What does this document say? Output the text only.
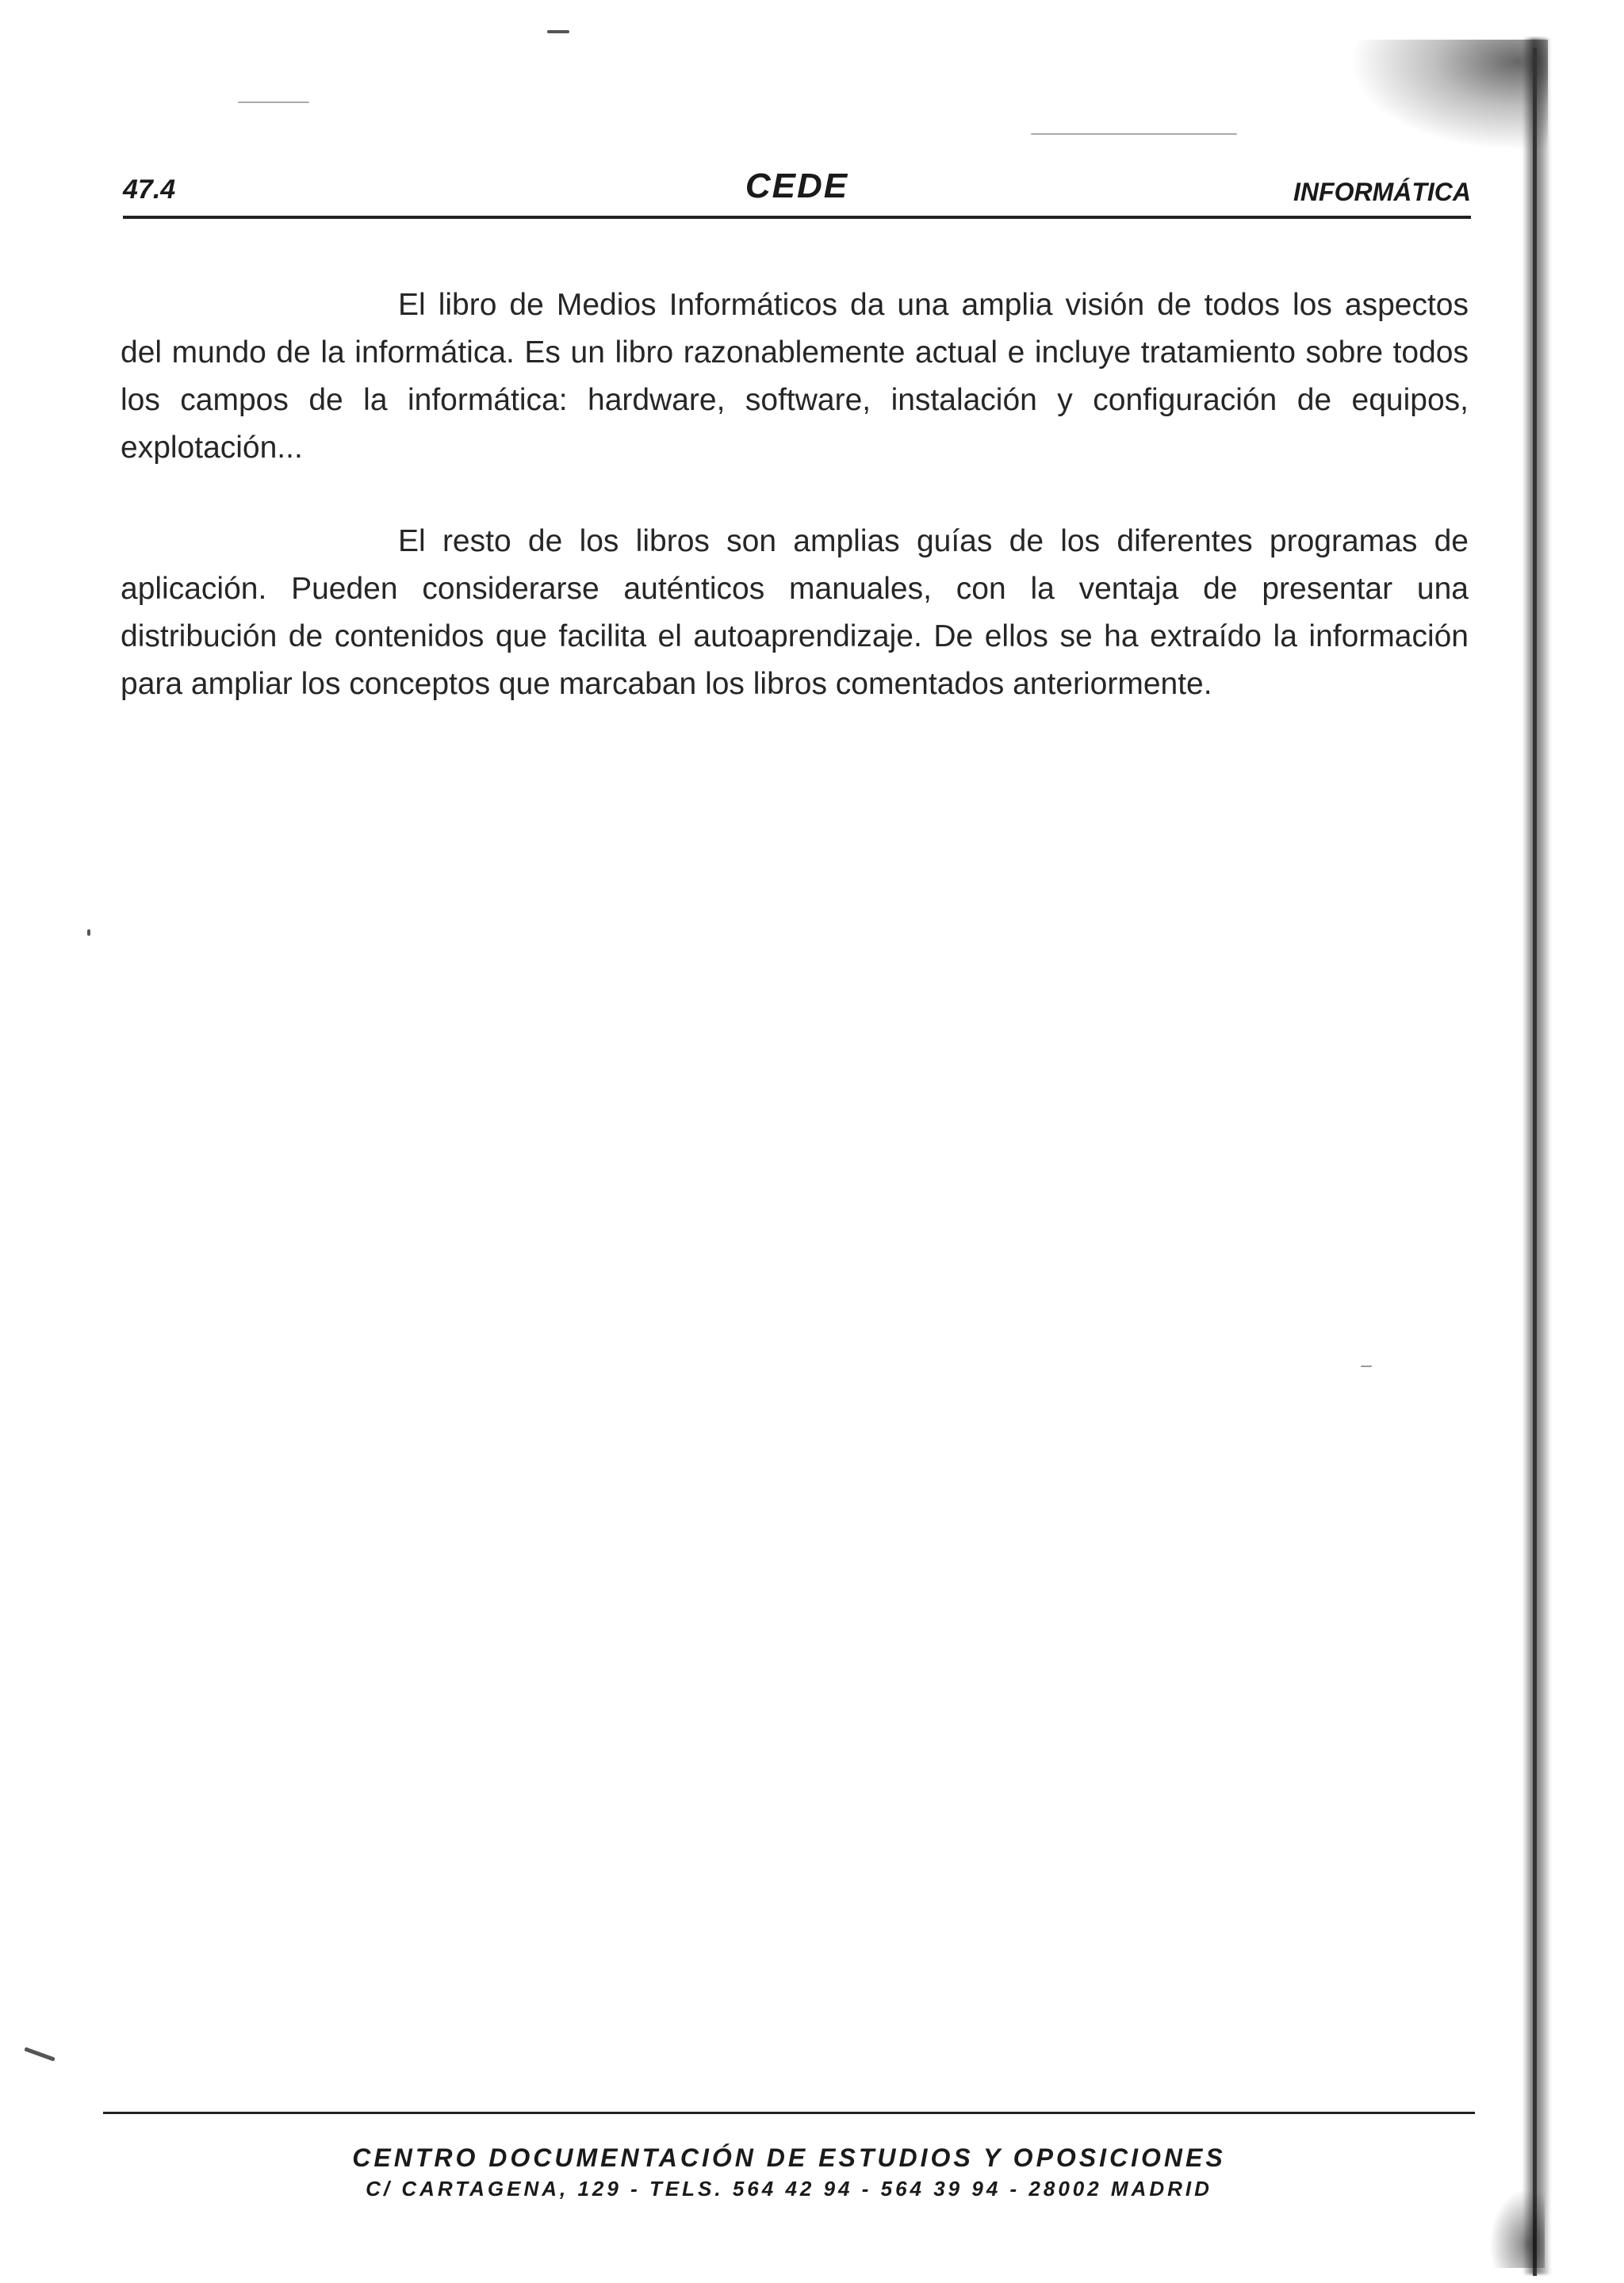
47.4	CEDE	INFORMÁTICA

El libro de Medios Informáticos da una amplia visión de todos los aspectos del mundo de la informática. Es un libro razonablemente actual e incluye tratamiento sobre todos los campos de la informática: hardware, software, instalación y configuración de equipos, explotación...

El resto de los libros son amplias guías de los diferentes programas de aplicación. Pueden considerarse auténticos manuales, con la ventaja de presentar una distribución de contenidos que facilita el autoaprendizaje. De ellos se ha extraído la información para ampliar los conceptos que marcaban los libros comentados anteriormente.

CENTRO DOCUMENTACIÓN DE ESTUDIOS Y OPOSICIONES
C/ CARTAGENA, 129 - TELS. 564 42 94 - 564 39 94 - 28002 MADRID
